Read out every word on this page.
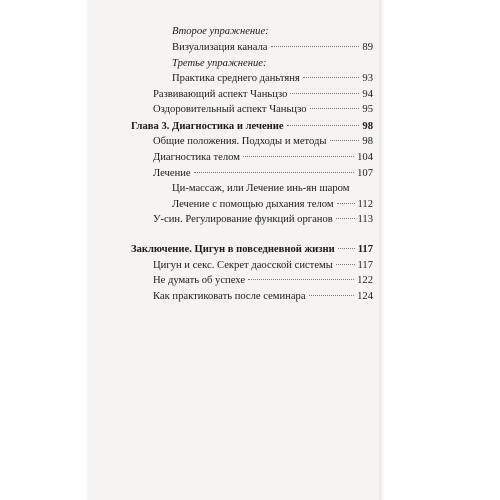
Второе упражнение:
Визуализация канала	89
Третье упражнение:
Практика среднего даньтяня	93
Развивающий аспект Чаньцзо	94
Оздоровительный аспект Чаньцзо	95
Глава 3. Диагностика и лечение	98
Общие положения. Подходы и методы	98
Диагностика телом	104
Лечение	107
Ци-массаж, или Лечение инь-ян шаром
Лечение с помощью дыхания телом 112
У-син. Регулирование функций органов 113
Заключение. Цигун в повседневной жизни 117
Цигун и секс. Секрет даосской системы 117
Не думать об успехе	122
Как практиковать после семинара	124
